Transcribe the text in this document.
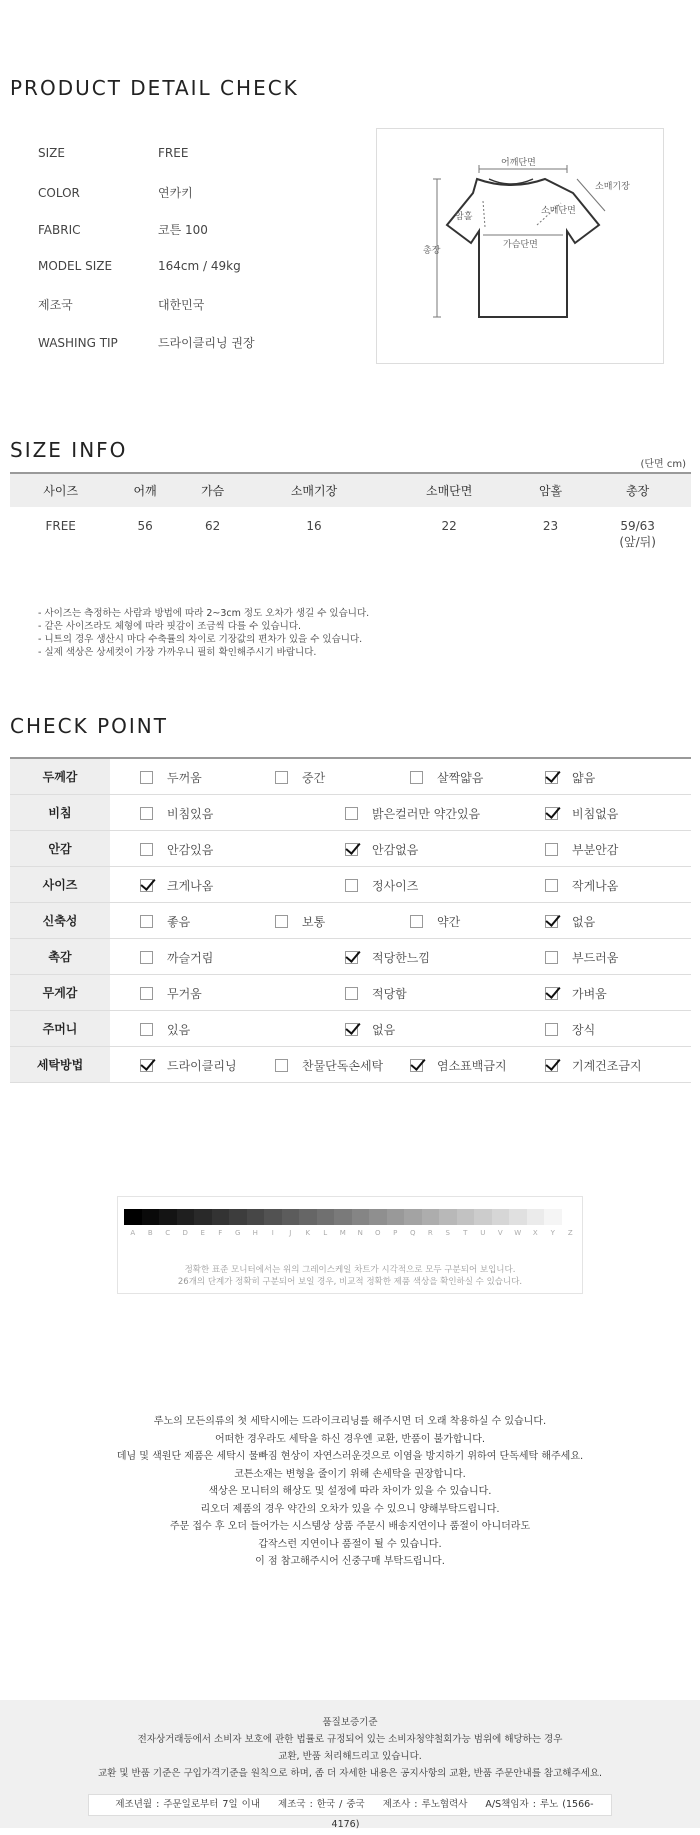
PRODUCT DETAIL CHECK
SIZE	FREE
COLOR	연카키
FABRIC	코튼 100
MODEL SIZE	164cm / 49kg
제조국	대한민국
WASHING TIP	드라이클리닝 권장
어깨단면
소매기장
소매단면
암홀
가슴단면
총장
SIZE INFO
(단면 cm)
사이즈	어깨	가슴	소매기장	소매단면	암홀	총장

FREE	56	62	16	22	23	59/63
(앞/뒤)
- 사이즈는 측정하는 사람과 방법에 따라 2~3cm 정도 오차가 생길 수 있습니다.
- 같은 사이즈라도 체형에 따라 핏감이 조금씩 다를 수 있습니다.
- 니트의 경우 생산시 마다 수축률의 차이로 기장값의 편차가 있을 수 있습니다.
- 실제 색상은 상세컷이 가장 가까우니 필히 확인해주시기 바랍니다.
CHECK POINT
두께감	두꺼움 중간 살짝얇음 얇음

비침	비침있음 밝은컬러만 약간있음 비침없음

안감	안감있음 안감없음 부분안감

사이즈	크게나옴 정사이즈 작게나옴

신축성	좋음 보통 약간 없음

촉감	까슬거림 적당한느낌 부드러움

무게감	무거움 적당함 가벼움

주머니	있음 없음 장식

세탁방법	드라이클리닝 찬물단독손세탁 염소표백금지 기계건조금지
A	B	C	D	E	F	G	H	I	J	K	L	M	N	O	P	Q	R	S	T	U	V	W	X	Y	Z
정확한 표준 모니터에서는 위의 그레이스케일 차트가 시각적으로 모두 구분되어 보입니다.
26개의 단계가 정확히 구분되어 보일 경우, 비교적 정확한 제품 색상을 확인하실 수 있습니다.
루노의 모든의류의 첫 세탁시에는 드라이크리닝를 해주시면 더 오래 착용하실 수 있습니다.
어떠한 경우라도 세탁을 하신 경우엔 교환, 반품이 불가합니다.
데님 및 색원단 제품은 세탁시 물빠짐 현상이 자연스러운것으로 이염을 방지하기 위하여 단독세탁 해주세요.
코튼소재는 변형을 줄이기 위해 손세탁을 권장합니다.
색상은 모니터의 해상도 및 설정에 따라 차이가 있을 수 있습니다.
리오더 제품의 경우 약간의 오차가 있을 수 있으니 양해부탁드립니다.
주문 접수 후 오더 들어가는 시스템상 상품 주문시 배송지연이나 품절이 아니더라도
갑작스런 지연이나 품절이 될 수 있습니다.
이 점 참고해주시어 신중구매 부탁드립니다.
품질보증기준
전자상거래등에서 소비자 보호에 관한 법률로 규정되어 있는 소비자청약철회가능 범위에 해당하는 경우
교환, 반품 처리해드리고 있습니다.
교환 및 반품 기준은 구입가격기준을 원칙으로 하며, 좀 더 자세한 내용은 공지사항의 교환, 반품 주문안내를 참고해주세요.
제조년월 : 주문일로부터 7일 이내 제조국 : 한국 / 중국 제조사 : 루노협력사 A/S책임자 : 루노 (1566-4176)
